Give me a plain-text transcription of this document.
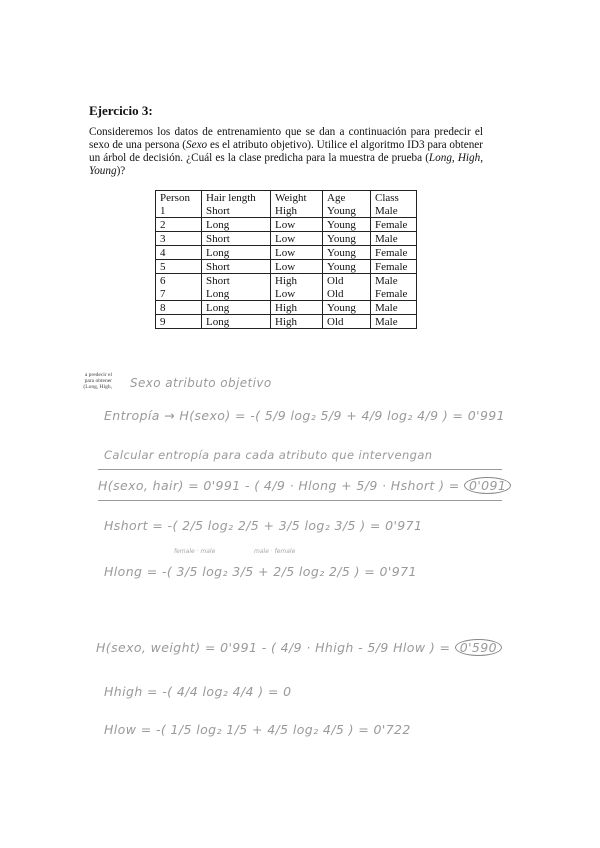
Ejercicio 3:
Consideremos los datos de entrenamiento que se dan a continuación para predecir el sexo de una persona (Sexo es el atributo objetivo). Utilice el algoritmo ID3 para obtener un árbol de decisión. ¿Cuál es la clase predicha para la muestra de prueba (Long, High, Young)?
Person	Hair length	Weight	Age	Class
1	Short	High	Young	Male
2	Long	Low	Young	Female
3	Short	Low	Young	Male
4	Long	Low	Young	Female
5	Short	Low	Young	Female
6	Short	High	Old	Male
7	Long	Low	Old	Female
8	Long	High	Young	Male
9	Long	High	Old	Male
a predecir el
para obtener
(Long, High, Sexo atributo objetivo
Entropía → H(sexo) = -( 5/9 log₂ 5/9 + 4/9 log₂ 4/9 ) = 0'991
Calcular entropía para cada atributo que intervengan
H(sexo, hair) = 0'991 - ( 4/9 · Hlong + 5/9 · Hshort ) = 0'091
Hshort = -( 2/5 log₂ 2/5 + 3/5 log₂ 3/5 ) = 0'971
female · male	male · female
Hlong = -( 3/5 log₂ 3/5 + 2/5 log₂ 2/5 ) = 0'971
H(sexo, weight) = 0'991 - ( 4/9 · Hhigh - 5/9 Hlow ) = 0'590
Hhigh = -( 4/4 log₂ 4/4 ) = 0
Hlow = -( 1/5 log₂ 1/5 + 4/5 log₂ 4/5 ) = 0'722
